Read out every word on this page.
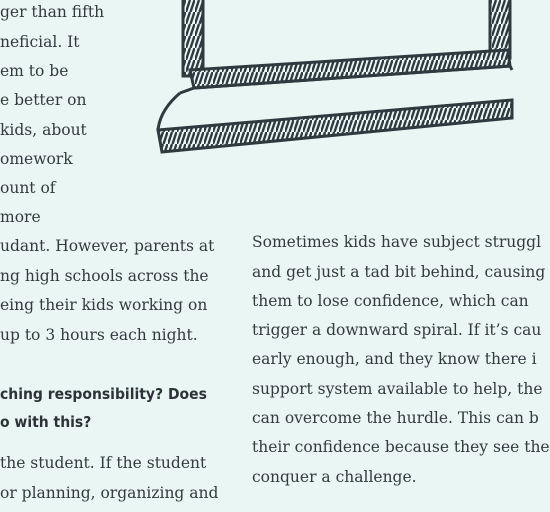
ger than fifth
neficial. It
em to be
e better on
kids, about
omework
ount of
more
udant. However, parents at
ng high schools across the
eing their kids working on
up to 3 hours each night.
ching responsibility? Does
o with this?
the student. If the student
or planning, organizing and
Sometimes kids have subject struggl
and get just a tad bit behind, causing
them to lose confidence, which can
trigger a downward spiral. If it’s cau
early enough, and they know there i
support system available to help, the
can overcome the hurdle. This can b
their confidence because they see the
conquer a challenge.
